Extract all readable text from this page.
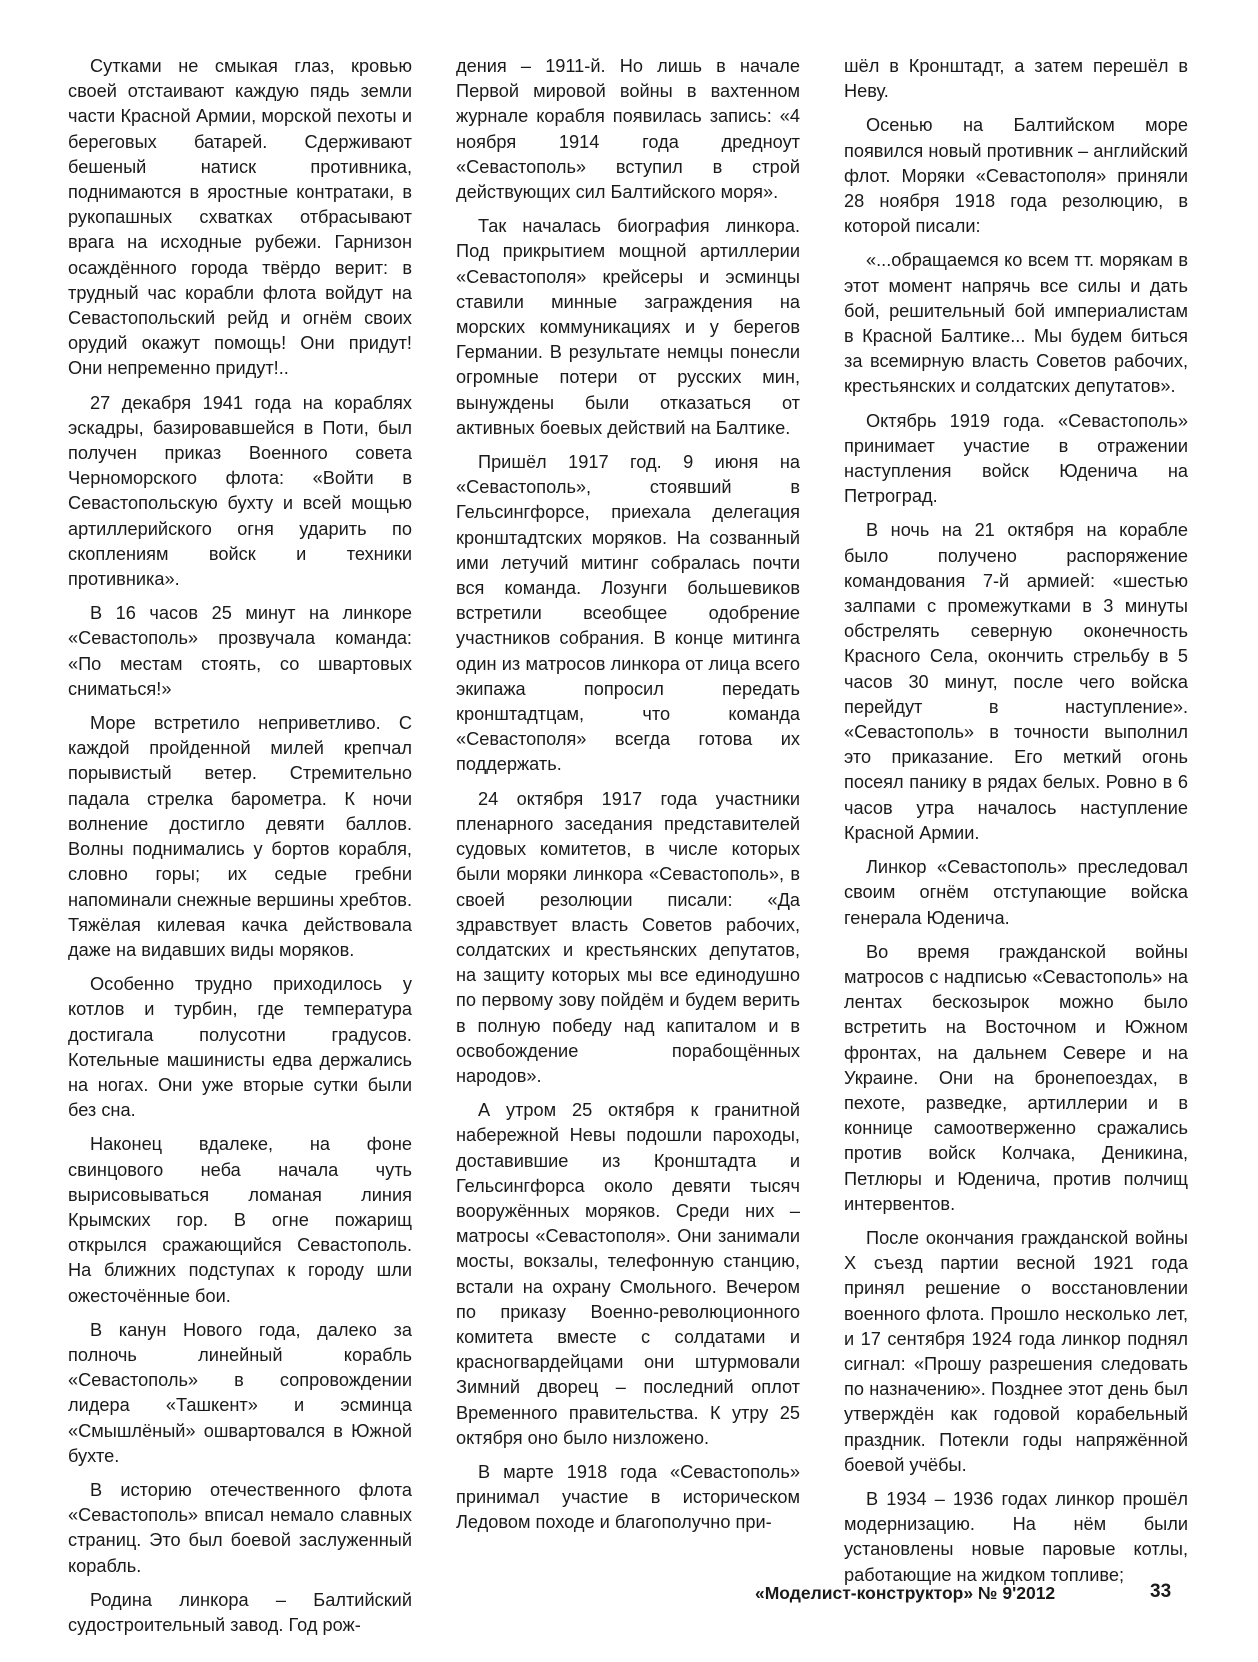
Сутками не смыкая глаз, кровью своей отстаивают каждую пядь земли части Красной Армии, морской пехоты и береговых батарей. Сдерживают бешеный натиск противника, поднимаются в яростные контратаки, в рукопашных схватках отбрасывают врага на исходные рубежи. Гарнизон осаждённого города твёрдо верит: в трудный час корабли флота войдут на Севастопольский рейд и огнём своих орудий окажут помощь! Они придут! Они непременно придут!..

27 декабря 1941 года на кораблях эскадры, базировавшейся в Поти, был получен приказ Военного совета Черноморского флота: «Войти в Севастопольскую бухту и всей мощью артиллерийского огня ударить по скоплениям войск и техники противника».

В 16 часов 25 минут на линкоре «Севастополь» прозвучала команда: «По местам стоять, со швартовых сниматься!»

Море встретило неприветливо. С каждой пройденной милей крепчал порывистый ветер. Стремительно падала стрелка барометра. К ночи волнение достигло девяти баллов. Волны поднимались у бортов корабля, словно горы; их седые гребни напоминали снежные вершины хребтов. Тяжёлая килевая качка действовала даже на видавших виды моряков.

Особенно трудно приходилось у котлов и турбин, где температура достигала полусотни градусов. Котельные машинисты едва держались на ногах. Они уже вторые сутки были без сна.

Наконец вдалеке, на фоне свинцового неба начала чуть вырисовываться ломаная линия Крымских гор. В огне пожарищ открылся сражающийся Севастополь. На ближних подступах к городу шли ожесточённые бои.

В канун Нового года, далеко за полночь линейный корабль «Севастополь» в сопровождении лидера «Ташкент» и эсминца «Смышлёный» ошвартовался в Южной бухте.

В историю отечественного флота «Севастополь» вписал немало славных страниц. Это был боевой заслуженный корабль.

Родина линкора – Балтийский судостроительный завод. Год рож-

дения – 1911-й. Но лишь в начале Первой мировой войны в вахтенном журнале корабля появилась запись: «4 ноября 1914 года дредноут «Севастополь» вступил в строй действующих сил Балтийского моря».

Так началась биография линкора. Под прикрытием мощной артиллерии «Севастополя» крейсеры и эсминцы ставили минные заграждения на морских коммуникациях и у берегов Германии. В результате немцы понесли огромные потери от русских мин, вынуждены были отказаться от активных боевых действий на Балтике.

Пришёл 1917 год. 9 июня на «Севастополь», стоявший в Гельсингфорсе, приехала делегация кронштадтских моряков. На созванный ими летучий митинг собралась почти вся команда. Лозунги большевиков встретили всеобщее одобрение участников собрания. В конце митинга один из матросов линкора от лица всего экипажа попросил передать кронштадтцам, что команда «Севастополя» всегда готова их поддержать.

24 октября 1917 года участники пленарного заседания представителей судовых комитетов, в числе которых были моряки линкора «Севастополь», в своей резолюции писали: «Да здравствует власть Советов рабочих, солдатских и крестьянских депутатов, на защиту которых мы все единодушно по первому зову пойдём и будем верить в полную победу над капиталом и в освобождение порабощённых народов».

А утром 25 октября к гранитной набережной Невы подошли пароходы, доставившие из Кронштадта и Гельсингфорса около девяти тысяч вооружённых моряков. Среди них – матросы «Севастополя». Они занимали мосты, вокзалы, телефонную станцию, встали на охрану Смольного. Вечером по приказу Военно-революционного комитета вместе с солдатами и красногвардейцами они штурмовали Зимний дворец – последний оплот Временного правительства. К утру 25 октября оно было низложено.

В марте 1918 года «Севастополь» принимал участие в историческом Ледовом походе и благополучно при-

шёл в Кронштадт, а затем перешёл в Неву.

Осенью на Балтийском море появился новый противник – английский флот. Моряки «Севастополя» приняли 28 ноября 1918 года резолюцию, в которой писали:

«...обращаемся ко всем тт. морякам в этот момент напрячь все силы и дать бой, решительный бой империалистам в Красной Балтике... Мы будем биться за всемирную власть Советов рабочих, крестьянских и солдатских депутатов».

Октябрь 1919 года. «Севастополь» принимает участие в отражении наступления войск Юденича на Петроград.

В ночь на 21 октября на корабле было получено распоряжение командования 7-й армией: «шестью залпами с промежутками в 3 минуты обстрелять северную оконечность Красного Села, окончить стрельбу в 5 часов 30 минут, после чего войска перейдут в наступление». «Севастополь» в точности выполнил это приказание. Его меткий огонь посеял панику в рядах белых. Ровно в 6 часов утра началось наступление Красной Армии.

Линкор «Севастополь» преследовал своим огнём отступающие войска генерала Юденича.

Во время гражданской войны матросов с надписью «Севастополь» на лентах бескозырок можно было встретить на Восточном и Южном фронтах, на дальнем Севере и на Украине. Они на бронепоездах, в пехоте, разведке, артиллерии и в коннице самоотверженно сражались против войск Колчака, Деникина, Петлюры и Юденича, против полчищ интервентов.

После окончания гражданской войны X съезд партии весной 1921 года принял решение о восстановлении военного флота. Прошло несколько лет, и 17 сентября 1924 года линкор поднял сигнал: «Прошу разрешения следовать по назначению». Позднее этот день был утверждён как годовой корабельный праздник. Потекли годы напряжённой боевой учёбы.

В 1934 – 1936 годах линкор прошёл модернизацию. На нём были установлены новые паровые котлы, работающие на жидком топливе;

«Моделист-конструктор» № 9'2012	33
